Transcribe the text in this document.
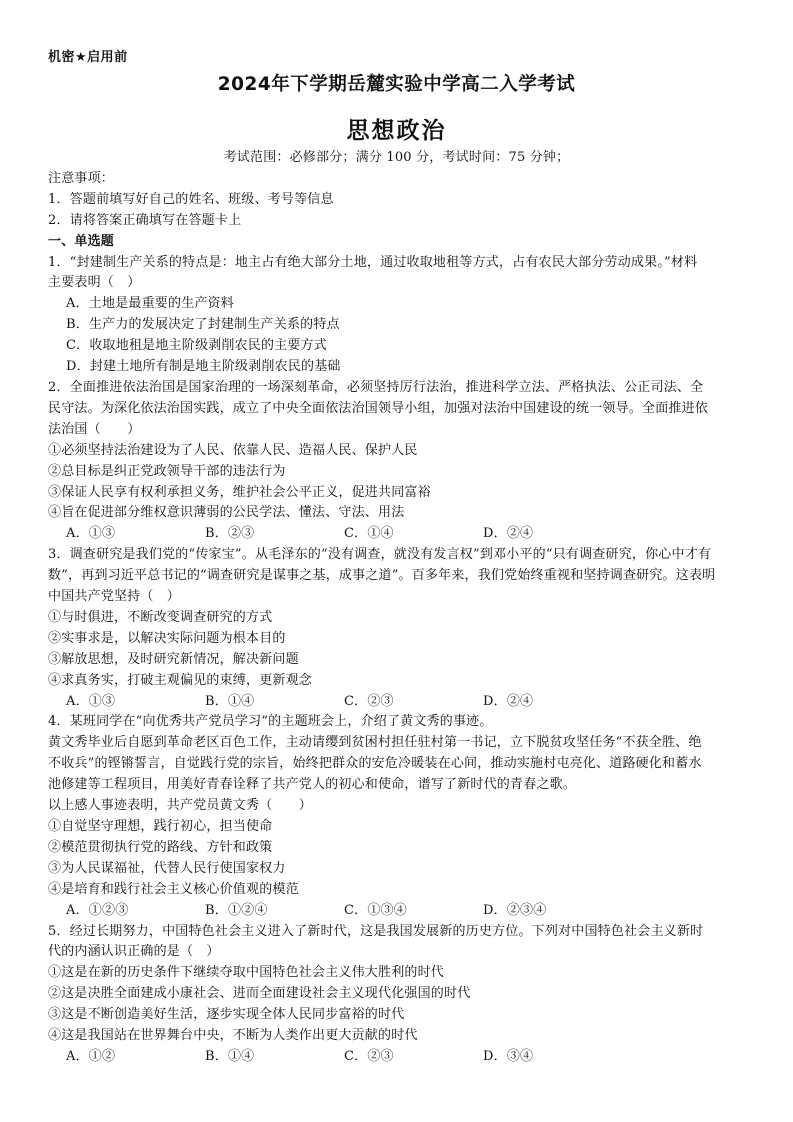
机密★启用前
2024年下学期岳麓实验中学高二入学考试
思想政治

考试范围：必修部分；满分 100 分，考试时间：75 分钟；

注意事项：

1．答题前填写好自己的姓名、班级、考号等信息

2．请将答案正确填写在答题卡上

一、单选题

1．“封建制生产关系的特点是：地主占有绝大部分土地，通过收取地租等方式，占有农民大部分劳动成果。”材料

主要表明（　）

A．土地是最重要的生产资料

B．生产力的发展决定了封建制生产关系的特点

C．收取地租是地主阶级剥削农民的主要方式

D．封建土地所有制是地主阶级剥削农民的基础

2．全面推进依法治国是国家治理的一场深刻革命，必须坚持厉行法治，推进科学立法、严格执法、公正司法、全

民守法。为深化依法治国实践，成立了中央全面依法治国领导小组，加强对法治中国建设的统一领导。全面推进依

法治国（　　）

①必须坚持法治建设为了人民、依靠人民、造福人民、保护人民

②总目标是纠正党政领导干部的违法行为

③保证人民享有权利承担义务，维护社会公平正义，促进共同富裕

④旨在促进部分维权意识薄弱的公民学法、懂法、守法、用法

A．①③	B．②③	C．①④	D．②④

3．调查研究是我们党的“传家宝”。从毛泽东的“没有调查，就没有发言权”到邓小平的“只有调查研究，你心中才有

数”，再到习近平总书记的“调查研究是谋事之基，成事之道”。百多年来，我们党始终重视和坚持调查研究。这表明

中国共产党坚持（　）

①与时俱进，不断改变调查研究的方式

②实事求是，以解决实际问题为根本目的

③解放思想，及时研究新情况，解决新问题

④求真务实，打破主观偏见的束缚，更新观念

A．①③	B．①④	C．②③	D．②④

4．某班同学在“向优秀共产党员学习”的主题班会上，介绍了黄文秀的事迹。

黄文秀毕业后自愿到革命老区百色工作，主动请缨到贫困村担任驻村第一书记，立下脱贫攻坚任务“不获全胜、绝

不收兵”的铿锵誓言，自觉践行党的宗旨，始终把群众的安危冷暖装在心间，推动实施村屯亮化、道路硬化和蓄水

池修建等工程项目，用美好青春诠释了共产党人的初心和使命，谱写了新时代的青春之歌。

以上感人事迹表明，共产党员黄文秀（　　）

①自觉坚守理想，践行初心，担当使命

②模范贯彻执行党的路线、方针和政策

③为人民谋福祉，代替人民行使国家权力

④是培育和践行社会主义核心价值观的模范

A．①②③	B．①②④	C．①③④	D．②③④

5．经过长期努力，中国特色社会主义进入了新时代，这是我国发展新的历史方位。下列对中国特色社会主义新时

代的内涵认识正确的是（　）

①这是在新的历史条件下继续夺取中国特色社会主义伟大胜利的时代

②这是决胜全面建成小康社会、进而全面建设社会主义现代化强国的时代

③这是不断创造美好生活，逐步实现全体人民同步富裕的时代

④这是我国站在世界舞台中央，不断为人类作出更大贡献的时代

A．①②	B．①④	C．②③	D．③④
